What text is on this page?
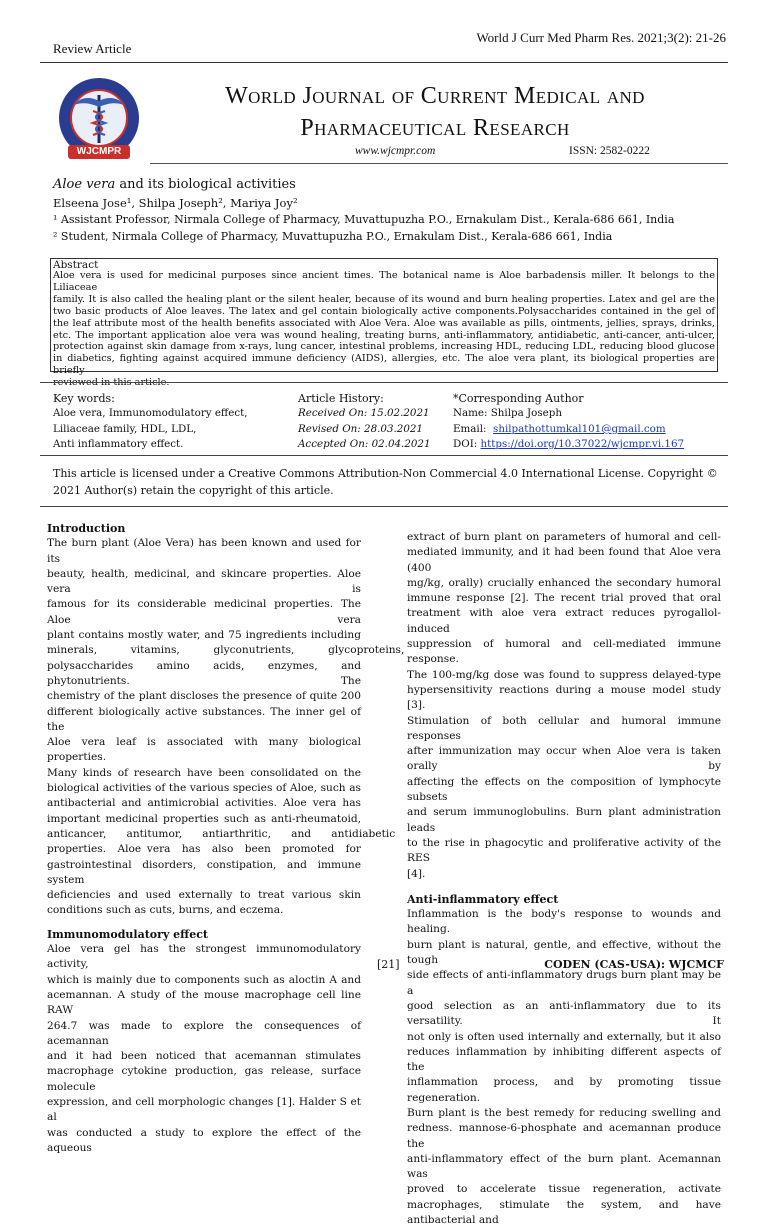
Review Article
World J Curr Med Pharm Res. 2021;3(2): 21-26
WJCMPR
World Journal of Current Medical and
Pharmaceutical Research
www.wjcmpr.com	ISSN: 2582-0222
Aloe vera and its biological activities
Elseena Jose¹, Shilpa Joseph², Mariya Joy²
¹ Assistant Professor, Nirmala College of Pharmacy, Muvattupuzha P.O., Ernakulam Dist., Kerala-686 661, India
² Student, Nirmala College of Pharmacy, Muvattupuzha P.O., Ernakulam Dist., Kerala-686 661, India
Abstract
Aloe vera is used for medicinal purposes since ancient times. The botanical name is Aloe barbadensis miller. It belongs to the Liliaceae
family. It is also called the healing plant or the silent healer, because of its wound and burn healing properties. Latex and gel are the
two basic products of Aloe leaves. The latex and gel contain biologically active components.Polysaccharides contained in the gel of
the leaf attribute most of the health benefits associated with Aloe Vera. Aloe was available as pills, ointments, jellies, sprays, drinks,
etc. The important application aloe vera was wound healing, treating burns, anti-inflammatory, antidiabetic, anti-cancer, anti-ulcer,
protection against skin damage from x-rays, lung cancer, intestinal problems, increasing HDL, reducing LDL, reducing blood glucose
in diabetics, fighting against acquired immune deficiency (AIDS), allergies, etc. The aloe vera plant, its biological properties are briefly
reviewed in this article.
Key words:
Aloe vera, Immunomodulatory effect,
Liliaceae family, HDL, LDL,
Anti inflammatory effect.
Article History:
Received On: 15.02.2021
Revised On: 28.03.2021
Accepted On: 02.04.2021
*Corresponding Author
Name: Shilpa Joseph
Email: shilpathottumkal101@gmail.com
DOI: https://doi.org/10.37022/wjcmpr.vi.167
This article is licensed under a Creative Commons Attribution-Non Commercial 4.0 International License. Copyright ©
2021 Author(s) retain the copyright of this article.
Introduction
The burn plant (Aloe Vera) has been known and used for its
beauty, health, medicinal, and skincare properties. Aloe vera is
famous for its considerable medicinal properties. The Aloe vera
plant contains mostly water, and 75 ingredients including
minerals,          vitamins,          glyconutrients,          glycoproteins,
polysaccharides amino acids, enzymes, and phytonutrients. The
chemistry of the plant discloses the presence of quite 200
different biologically active substances. The inner gel of the
Aloe vera leaf is associated with many biological properties.
Many kinds of research have been consolidated on the
biological activities of the various species of Aloe, such as
antibacterial and antimicrobial activities. Aloe vera has
important medicinal properties such as anti-rheumatoid,
anticancer,      antitumor,      antiarthritic,      and      antidiabetic
properties.  Aloe vera  has  also  been  promoted  for
gastrointestinal disorders, constipation, and immune system
deficiencies and used externally to treat various skin
conditions such as cuts, burns, and eczema.
Immunomodulatory effect
Aloe vera gel has the strongest immunomodulatory activity,
which is mainly due to components such as aloctin A and
acemannan. A study of the mouse macrophage cell line RAW
264.7 was made to explore the consequences of acemannan
and it had been noticed that acemannan stimulates
macrophage cytokine production, gas release, surface molecule
expression, and cell morphologic changes [1]. Halder S et al
was conducted a study to explore the effect of the aqueous
extract of burn plant on parameters of humoral and cell-
mediated immunity, and it had been found that Aloe vera (400
mg/kg, orally) crucially enhanced the secondary humoral
immune response [2]. The recent trial proved that oral
treatment with aloe vera extract reduces pyrogallol-induced
suppression of humoral and cell-mediated immune response.
The 100-mg/kg dose was found to suppress delayed-type
hypersensitivity reactions during a mouse model study [3].
Stimulation of both cellular and humoral immune responses
after immunization may occur when Aloe vera is taken orally by
affecting the effects on the composition of lymphocyte subsets
and serum immunoglobulins. Burn plant administration leads
to the rise in phagocytic and proliferative activity of the RES
[4].
Anti-inflammatory effect
Inflammation is the body's response to wounds and healing.
burn plant is natural, gentle, and effective, without the tough
side effects of anti-inflammatory drugs burn plant may be a
good selection as an anti-inflammatory due to its versatility. It
not only is often used internally and externally, but it also
reduces inflammation by inhibiting different aspects of the
inflammation process, and by promoting tissue regeneration.
Burn plant is the best remedy for reducing swelling and
redness. mannose-6-phosphate and acemannan produce the
anti-inflammatory effect of the burn plant. Acemannan was
proved  to  accelerate  tissue  regeneration,  activate
macrophages, stimulate the system, and have antibacterial and
[21]	CODEN (CAS-USA): WJCMCF
